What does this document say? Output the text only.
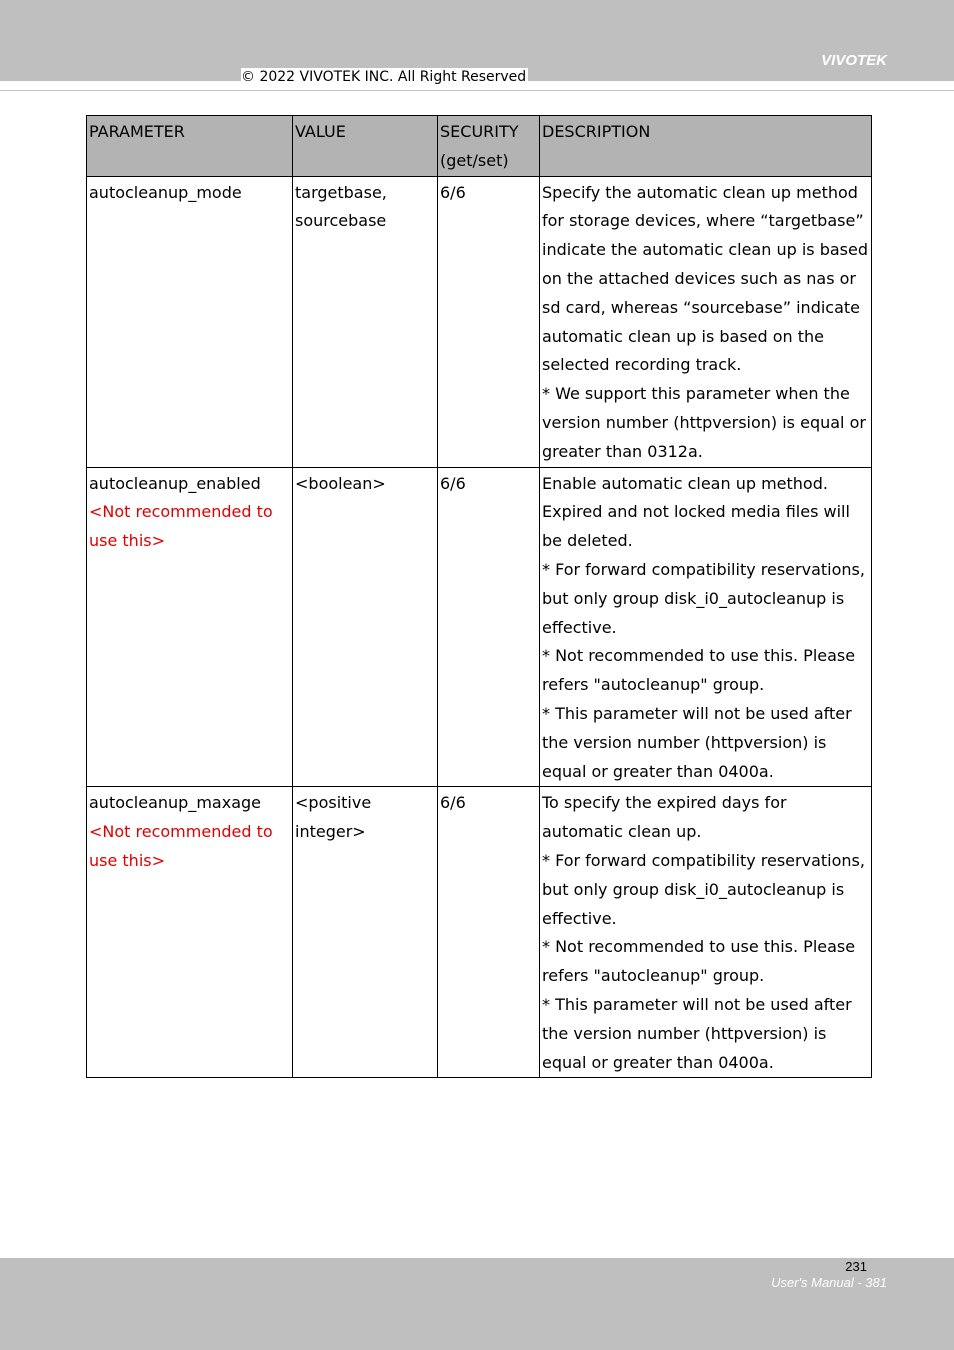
VIVOTEK
© 2022 VIVOTEK INC. All Right Reserved
PARAMETER	VALUE	SECURITY (get/set)	DESCRIPTION

autocleanup_mode	targetbase, sourcebase	6/6	Specify the automatic clean up method for storage devices, where “targetbase” indicate the automatic clean up is based on the attached devices such as nas or sd card, whereas “sourcebase” indicate automatic clean up is based on the selected recording track.
* We support this parameter when the version number (httpversion) is equal or greater than 0312a.

autocleanup_enabled
<Not recommended to use this>	<boolean>	6/6	Enable automatic clean up method. Expired and not locked media files will be deleted.
* For forward compatibility reservations, but only group disk_i0_autocleanup is effective.
* Not recommended to use this. Please refers "autocleanup" group.
* This parameter will not be used after the version number (httpversion) is equal or greater than 0400a.

autocleanup_maxage
<Not recommended to use this>	<positive integer>	6/6	To specify the expired days for automatic clean up.
* For forward compatibility reservations, but only group disk_i0_autocleanup is effective.
* Not recommended to use this. Please refers "autocleanup" group.
* This parameter will not be used after the version number (httpversion) is equal or greater than 0400a.
231
User's Manual - 381
